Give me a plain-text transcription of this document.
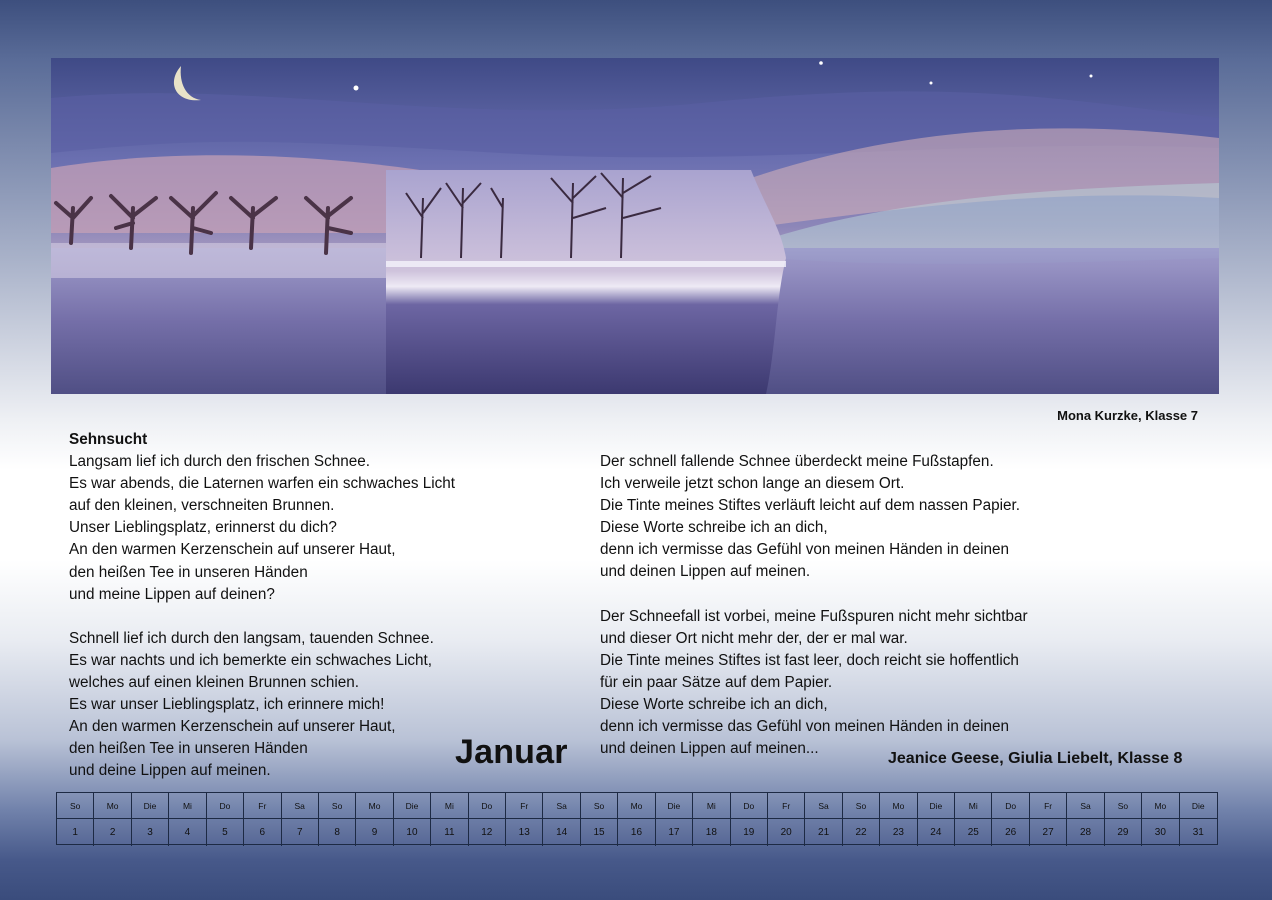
Mona Kurzke, Klasse 7

Sehnsucht

Langsam lief ich durch den frischen Schnee.

Es war abends, die Laternen warfen ein schwaches Licht

auf den kleinen, verschneiten Brunnen.

Unser Lieblingsplatz, erinnerst du dich?

An den warmen Kerzenschein auf unserer Haut,

den heißen Tee in unseren Händen

und meine Lippen auf deinen?

Schnell lief ich durch den langsam, tauenden Schnee.

Es war nachts und ich bemerkte ein schwaches Licht,

welches auf einen kleinen Brunnen schien.

Es war unser Lieblingsplatz, ich erinnere mich!

An den warmen Kerzenschein auf unserer Haut,

den heißen Tee in unseren Händen

und deine Lippen auf meinen.

Der schnell fallende Schnee überdeckt meine Fußstapfen.

Ich verweile jetzt schon lange an diesem Ort.

Die Tinte meines Stiftes verläuft leicht auf dem nassen Papier.

Diese Worte schreibe ich an dich,

denn ich vermisse das Gefühl von meinen Händen in deinen

und deinen Lippen auf meinen.

Der Schneefall ist vorbei, meine Fußspuren nicht mehr sichtbar

und dieser Ort nicht mehr der, der er mal war.

Die Tinte meines Stiftes ist fast leer, doch reicht sie hoffentlich

für ein paar Sätze auf dem Papier.

Diese Worte schreibe ich an dich,

denn ich vermisse das Gefühl von meinen Händen in deinen

und deinen Lippen auf meinen...

Januar	Jeanice Geese, Giulia Liebelt, Klasse 8
So	Mo	Die	Mi	Do	Fr	Sa	So	Mo	Die	Mi	Do	Fr	Sa	So	Mo	Die	Mi	Do	Fr	Sa	So	Mo	Die	Mi	Do	Fr	Sa	So	Mo	Die
1	2	3	4	5	6	7	8	9	10	11	12	13	14	15	16	17	18	19	20	21	22	23	24	25	26	27	28	29	30	31
